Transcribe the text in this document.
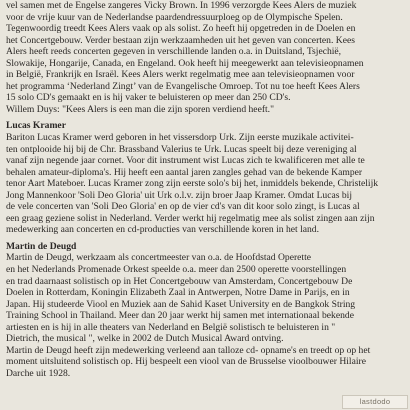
vel samen met de Engelse zangeres Vicky Brown. In 1996 verzorgde Kees Alers de muziek
voor de vrije kuur van de Nederlandse paardendressuurploeg op de Olympische Spelen.
Tegenwoordig treedt Kees Alers vaak op als solist. Zo heeft hij opgetreden in de Doelen en
het Concertgebouw. Verder bestaan zijn werkzaamheden uit het geven van concerten. Kees
Alers heeft reeds concerten gegeven in verschillende landen o.a. in Duitsland, Tsjechië,
Slowakije, Hongarije, Canada, en Engeland. Ook heeft hij meegewerkt aan televisieopnamen
in België, Frankrijk en Israël. Kees Alers werkt regelmatig mee aan televisieopnamen voor
het programma ‘Nederland Zingt’ van de Evangelische Omroep. Tot nu toe heeft Kees Alers
15 solo CD's gemaakt en is hij vaker te beluisteren op meer dan 250 CD's.
Willem Duys: "Kees Alers is een man die zijn sporen verdiend heeft."
Lucas Kramer
Bariton Lucas Kramer werd geboren in het vissersdorp Urk. Zijn eerste muzikale activitei-
ten ontplooide hij bij de Chr. Brassband Valerius te Urk. Lucas speelt bij deze vereniging al
vanaf zijn negende jaar cornet. Voor dit instrument wist Lucas zich te kwalificeren met alle te
behalen amateur-diploma's. Hij heeft een aantal jaren zangles gehad van de bekende Kamper
tenor Aart Mateboer. Lucas Kramer zong zijn eerste solo's bij het, inmiddels bekende, Christelijk
Jong Mannenkoor 'Soli Deo Gloria' uit Urk o.l.v. zijn broer Jaap Kramer. Omdat Lucas bij
de vele concerten van 'Soli Deo Gloria' en op de vier cd's van dit koor solo zingt, is Lucas al
een graag geziene solist in Nederland. Verder werkt hij regelmatig mee als solist zingen aan zijn
medewerking aan concerten en cd-producties van verschillende koren in het land.
Martin de Deugd
Martin de Deugd, werkzaam als concertmeester van o.a. de Hoofdstad Operette
en het Nederlands Promenade Orkest speelde o.a. meer dan 2500 operette voorstellingen
en trad daarnaast solistisch op in Het Concertgebouw van Amsterdam, Concertgebouw De
Doelen in Rotterdam, Koningin Elizabeth Zaal in Antwerpen, Notre Dame in Parijs, en in
Japan. Hij studeerde Viool en Muziek aan de Sahid Kaset University en de Bangkok String
Training School in Thailand. Meer dan 20 jaar werkt hij samen met internationaal bekende
artiesten en is hij in alle theaters van Nederland en België solistisch te beluisteren in "
Dietrich, the musical ", welke in 2002 de Dutch Musical Award ontving.
Martin de Deugd heeft zijn medewerking verleend aan talloze cd- opname's en treedt op op het
moment uitsluitend solistisch op. Hij bespeelt een viool van de Brusselse vioolbouwer Hilaire
Darche uit 1928.
lastdodo
